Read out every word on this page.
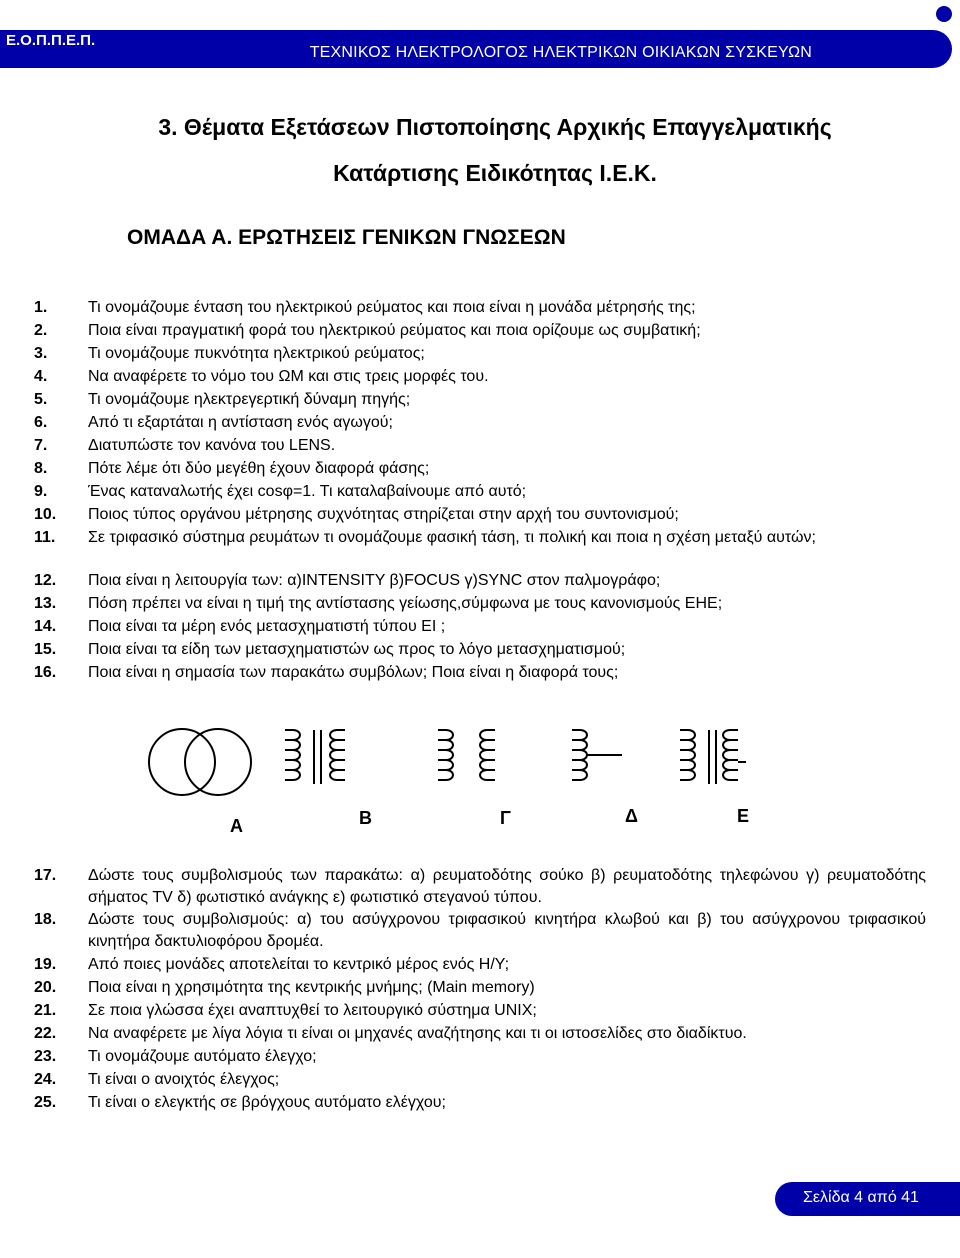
Ε.Ο.Π.Π.Ε.Π.
ΤΕΧΝΙΚΟΣ ΗΛΕΚΤΡΟΛΟΓΟΣ ΗΛΕΚΤΡΙΚΩΝ ΟΙΚΙΑΚΩΝ ΣΥΣΚΕΥΩΝ
3. Θέματα Εξετάσεων Πιστοποίησης Αρχικής Επαγγελματικής
Κατάρτισης Ειδικότητας Ι.Ε.Κ.
ΟΜΑΔΑ Α. ΕΡΩΤΗΣΕΙΣ ΓΕΝΙΚΩΝ ΓΝΩΣΕΩΝ
1.	Τι ονομάζουμε ένταση του ηλεκτρικού ρεύματος και ποια είναι η μονάδα μέτρησής της;
2.	Ποια είναι πραγματική φορά του ηλεκτρικού ρεύματος και ποια ορίζουμε ως συμβατική;
3.	Τι ονομάζουμε πυκνότητα ηλεκτρικού ρεύματος;
4.	Να αναφέρετε το νόμο του ΩΜ και στις τρεις μορφές του.
5.	Τι ονομάζουμε ηλεκτρεγερτική δύναμη πηγής;
6.	Από τι εξαρτάται η αντίσταση ενός αγωγού;
7.	Διατυπώστε τον κανόνα του LENS.
8.	Πότε λέμε ότι δύο μεγέθη έχουν διαφορά φάσης;
9.	Ένας καταναλωτής έχει cosφ=1. Τι καταλαβαίνουμε από αυτό;
10. Ποιος τύπος οργάνου μέτρησης συχνότητας στηρίζεται στην αρχή του συντονισμού;
11. Σε τριφασικό σύστημα ρευμάτων τι ονομάζουμε φασική τάση, τι πολική και ποια η σχέση μεταξύ αυτών;
12. Ποια είναι η λειτουργία των: α)INTENSITY β)FOCUS γ)SYNC στον παλμογράφο;
13. Πόση πρέπει να είναι η τιμή της αντίστασης γείωσης,σύμφωνα με τους κανονισμούς ΕΗΕ;
14. Ποια είναι τα μέρη ενός μετασχηματιστή τύπου ΕΙ ;
15. Ποια είναι τα είδη των μετασχηματιστών ως προς το λόγο μετασχηματισμού;
16. Ποια είναι η σημασία των παρακάτω συμβόλων; Ποια είναι η διαφορά τους;
Α	Β	Γ	Δ	Ε
17. Δώστε τους συμβολισμούς των παρακάτω: α) ρευματοδότης σούκο β) ρευματοδότης τηλεφώνου γ) ρευματοδότης σήματος TV δ) φωτιστικό ανάγκης ε) φωτιστικό στεγανού τύπου.
18. Δώστε τους συμβολισμούς: α) του ασύγχρονου τριφασικού κινητήρα κλωβού και β) του ασύγχρονου τριφασικού κινητήρα δακτυλιοφόρου δρομέα.
19. Από ποιες μονάδες αποτελείται το κεντρικό μέρος ενός Η/Υ;
20. Ποια είναι η χρησιμότητα της κεντρικής μνήμης; (Main memory)
21. Σε ποια γλώσσα έχει αναπτυχθεί το λειτουργικό σύστημα UNIX;
22. Να αναφέρετε με λίγα λόγια τι είναι οι μηχανές αναζήτησης και τι οι ιστοσελίδες στο διαδίκτυο.
23. Τι ονομάζουμε αυτόματο έλεγχο;
24. Τι είναι ο ανοιχτός έλεγχος;
25. Τι είναι ο ελεγκτής σε βρόγχους αυτόματο ελέγχου;
Σελίδα 4 από 41
